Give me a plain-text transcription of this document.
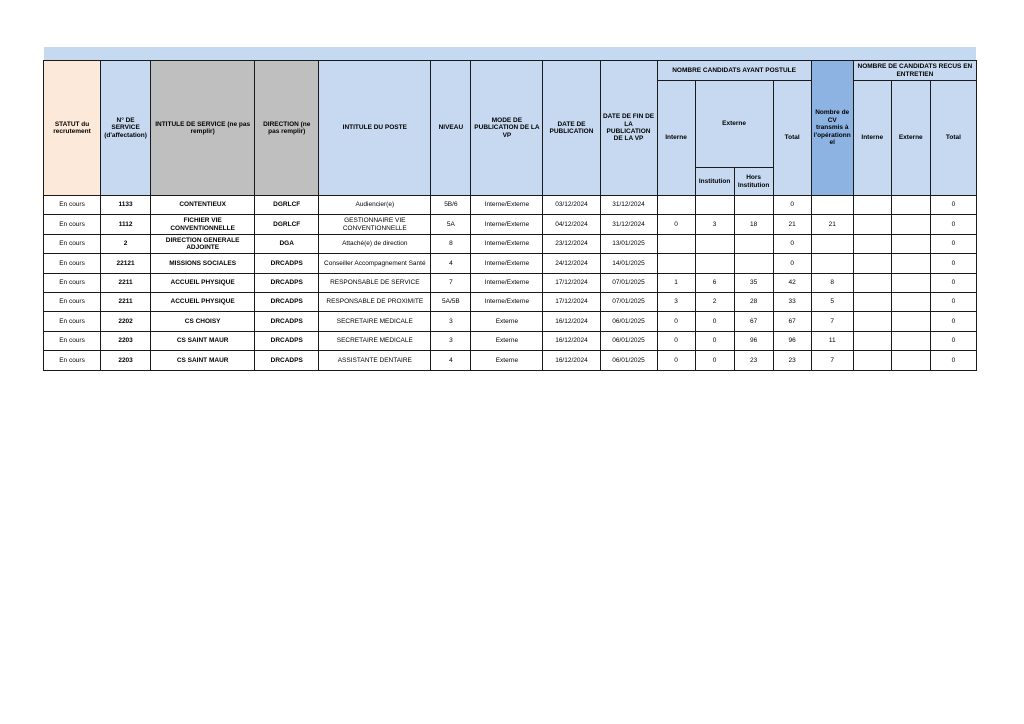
STATUT du recrutement	N° DE SERVICE (d'affectation)	INTITULE DE SERVICE (ne pas remplir)	DIRECTION (ne pas remplir)	INTITULE DU POSTE	NIVEAU	MODE DE PUBLICATION DE LA VP	DATE DE PUBLICATION	DATE DE FIN DE LA PUBLICATION DE LA VP	NOMBRE CANDIDATS AYANT POSTULE				Nombre de CV transmis à l'opérationn el	NOMBRE DE CANDIDATS RECUS EN ENTRETIEN		
									Interne	Externe		Total		Interne	Externe	Total
										Institution	Hors Institution					
En cours	1133	CONTENTIEUX	DGRLCF	Audiencier(e)	5B/6	Interne/Externe	03/12/2024	31/12/2024				0				0
En cours	1112	FICHIER VIE CONVENTIONNELLE	DGRLCF	GESTIONNAIRE VIE CONVENTIONNELLE	5A	Interne/Externe	04/12/2024	31/12/2024	0	3	18	21	21			0
En cours	2	DIRECTION GENERALE ADJOINTE	DGA	Attaché(e) de direction	8	Interne/Externe	23/12/2024	13/01/2025				0				0
En cours	22121	MISSIONS SOCIALES	DRCADPS	Conseiller Accompagnement Santé	4	Interne/Externe	24/12/2024	14/01/2025				0				0
En cours	2211	ACCUEIL PHYSIQUE	DRCADPS	RESPONSABLE DE SERVICE	7	Interne/Externe	17/12/2024	07/01/2025	1	6	35	42	8			0
En cours	2211	ACCUEIL PHYSIQUE	DRCADPS	RESPONSABLE DE PROXIMITE	5A/5B	Interne/Externe	17/12/2024	07/01/2025	3	2	28	33	5			0
En cours	2202	CS CHOISY	DRCADPS	SECRETAIRE MEDICALE	3	Externe	16/12/2024	06/01/2025	0	0	67	67	7			0
En cours	2203	CS SAINT MAUR	DRCADPS	SECRETAIRE MEDICALE	3	Externe	16/12/2024	06/01/2025	0	0	96	96	11			0
En cours	2203	CS SAINT MAUR	DRCADPS	ASSISTANTE DENTAIRE	4	Externe	16/12/2024	06/01/2025	0	0	23	23	7			0
